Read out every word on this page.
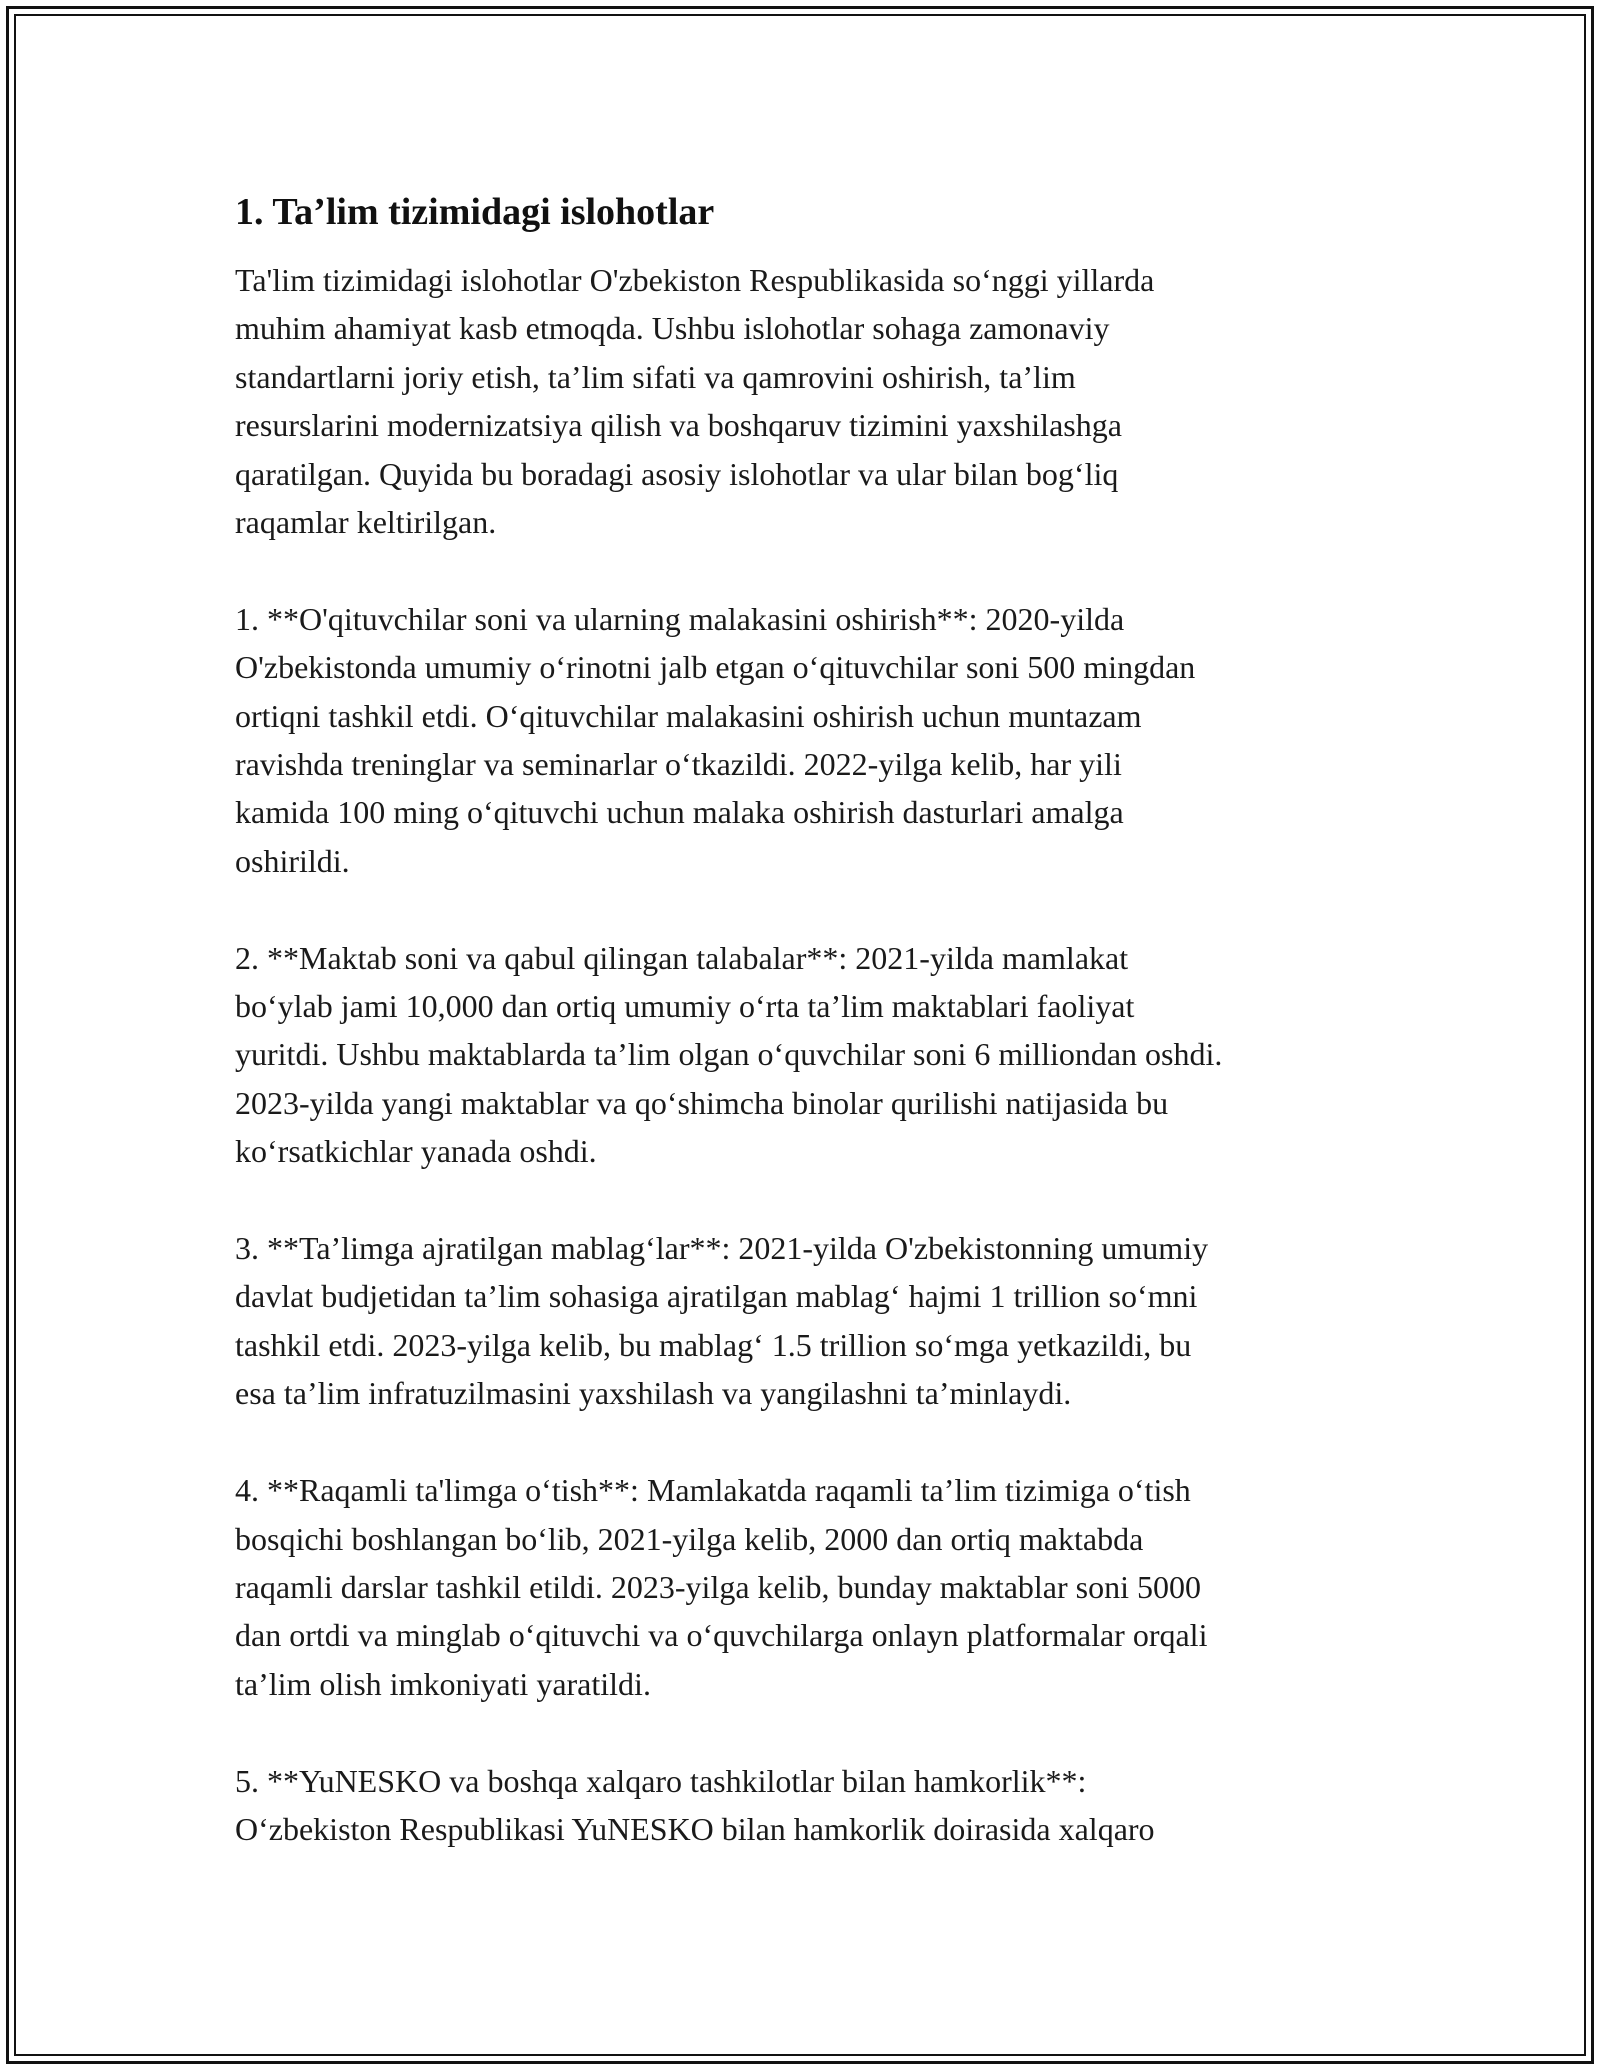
1. Ta’lim tizimidagi islohotlar

Ta'lim tizimidagi islohotlar O'zbekiston Respublikasida so‘nggi yillarda
muhim ahamiyat kasb etmoqda. Ushbu islohotlar sohaga zamonaviy
standartlarni joriy etish, ta’lim sifati va qamrovini oshirish, ta’lim
resurslarini modernizatsiya qilish va boshqaruv tizimini yaxshilashga
qaratilgan. Quyida bu boradagi asosiy islohotlar va ular bilan bog‘liq
raqamlar keltirilgan.

1. **O'qituvchilar soni va ularning malakasini oshirish**: 2020-yilda
O'zbekistonda umumiy o‘rinotni jalb etgan o‘qituvchilar soni 500 mingdan
ortiqni tashkil etdi. O‘qituvchilar malakasini oshirish uchun muntazam
ravishda treninglar va seminarlar o‘tkazildi. 2022-yilga kelib, har yili
kamida 100 ming o‘qituvchi uchun malaka oshirish dasturlari amalga
oshirildi.

2. **Maktab soni va qabul qilingan talabalar**: 2021-yilda mamlakat
bo‘ylab jami 10,000 dan ortiq umumiy o‘rta ta’lim maktablari faoliyat
yuritdi. Ushbu maktablarda ta’lim olgan o‘quvchilar soni 6 milliondan oshdi.
2023-yilda yangi maktablar va qo‘shimcha binolar qurilishi natijasida bu
ko‘rsatkichlar yanada oshdi.

3. **Ta’limga ajratilgan mablag‘lar**: 2021-yilda O'zbekistonning umumiy
davlat budjetidan ta’lim sohasiga ajratilgan mablag‘ hajmi 1 trillion so‘mni
tashkil etdi. 2023-yilga kelib, bu mablag‘ 1.5 trillion so‘mga yetkazildi, bu
esa ta’lim infratuzilmasini yaxshilash va yangilashni ta’minlaydi.

4. **Raqamli ta'limga o‘tish**: Mamlakatda raqamli ta’lim tizimiga o‘tish
bosqichi boshlangan bo‘lib, 2021-yilga kelib, 2000 dan ortiq maktabda
raqamli darslar tashkil etildi. 2023-yilga kelib, bunday maktablar soni 5000
dan ortdi va minglab o‘qituvchi va o‘quvchilarga onlayn platformalar orqali
ta’lim olish imkoniyati yaratildi.

5. **YuNESKO va boshqa xalqaro tashkilotlar bilan hamkorlik**:
O‘zbekiston Respublikasi YuNESKO bilan hamkorlik doirasida xalqaro
